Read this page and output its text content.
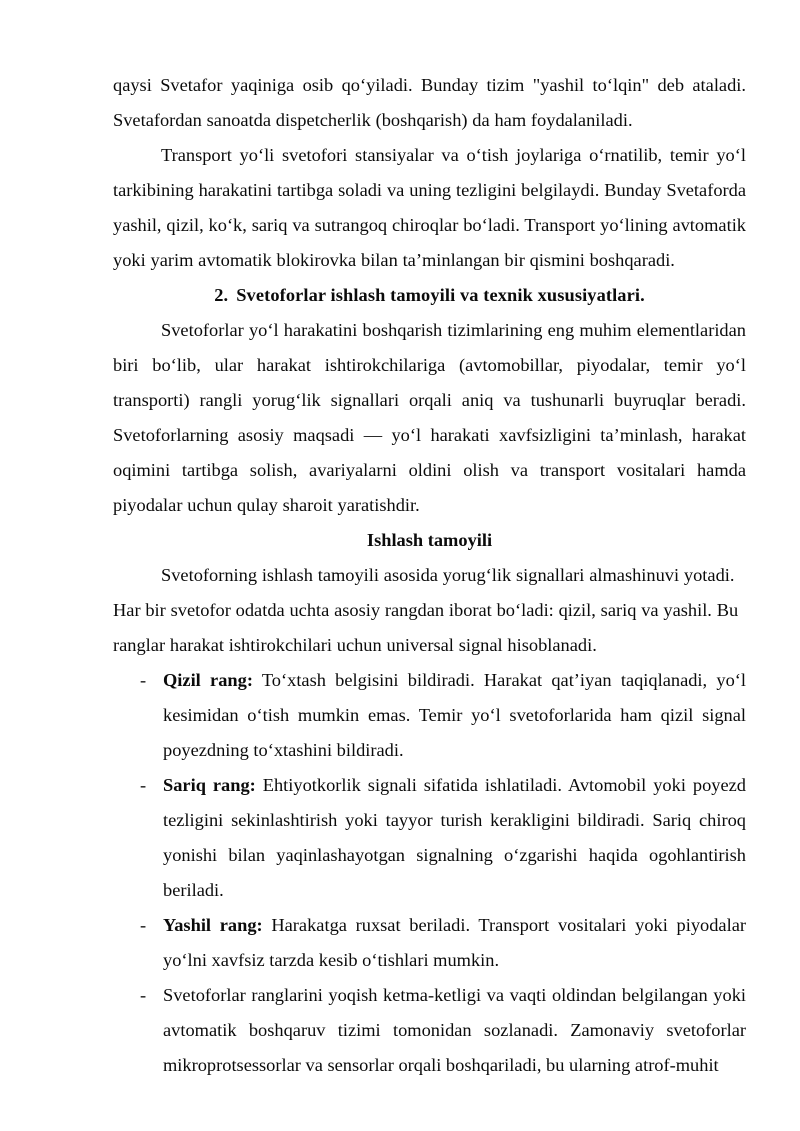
qaysi Svetafor yaqiniga osib qo‘yiladi. Bunday tizim "yashil to‘lqin" deb ataladi. Svetafordan sanoatda dispetcherlik (boshqarish) da ham foydalaniladi.

Transport yo‘li svetofori stansiyalar va o‘tish joylariga o‘rnatilib, temir yo‘l tarkibining harakatini tartibga soladi va uning tezligini belgilaydi. Bunday Svetaforda yashil, qizil, ko‘k, sariq va sutrangoq chiroqlar bo‘ladi. Transport yo‘lining avtomatik yoki yarim avtomatik blokirovka bilan ta’minlangan bir qismini boshqaradi.

2. Svetoforlar ishlash tamoyili va texnik xususiyatlari.

Svetoforlar yo‘l harakatini boshqarish tizimlarining eng muhim elementlaridan biri bo‘lib, ular harakat ishtirokchilariga (avtomobillar, piyodalar, temir yo‘l transporti) rangli yorug‘lik signallari orqali aniq va tushunarli buyruqlar beradi. Svetoforlarning asosiy maqsadi — yo‘l harakati xavfsizligini ta’minlash, harakat oqimini tartibga solish, avariyalarni oldini olish va transport vositalari hamda piyodalar uchun qulay sharoit yaratishdir.

Ishlash tamoyili

Svetoforning ishlash tamoyili asosida yorug‘lik signallari almashinuvi yotadi. Har bir svetofor odatda uchta asosiy rangdan iborat bo‘ladi: qizil, sariq va yashil. Bu ranglar harakat ishtirokchilari uchun universal signal hisoblanadi.

- Qizil rang: To‘xtash belgisini bildiradi. Harakat qat’iyan taqiqlanadi, yo‘l kesimidan o‘tish mumkin emas. Temir yo‘l svetoforlarida ham qizil signal poyezdning to‘xtashini bildiradi.
- Sariq rang: Ehtiyotkorlik signali sifatida ishlatiladi. Avtomobil yoki poyezd tezligini sekinlashtirish yoki tayyor turish kerakligini bildiradi. Sariq chiroq yonishi bilan yaqinlashayotgan signalning o‘zgarishi haqida ogohlantirish beriladi.
- Yashil rang: Harakatga ruxsat beriladi. Transport vositalari yoki piyodalar yo‘lni xavfsiz tarzda kesib o‘tishlari mumkin.
- Svetoforlar ranglarini yoqish ketma-ketligi va vaqti oldindan belgilangan yoki avtomatik boshqaruv tizimi tomonidan sozlanadi. Zamonaviy svetoforlar mikroprotsessorlar va sensorlar orqali boshqariladi, bu ularning atrof-muhit
